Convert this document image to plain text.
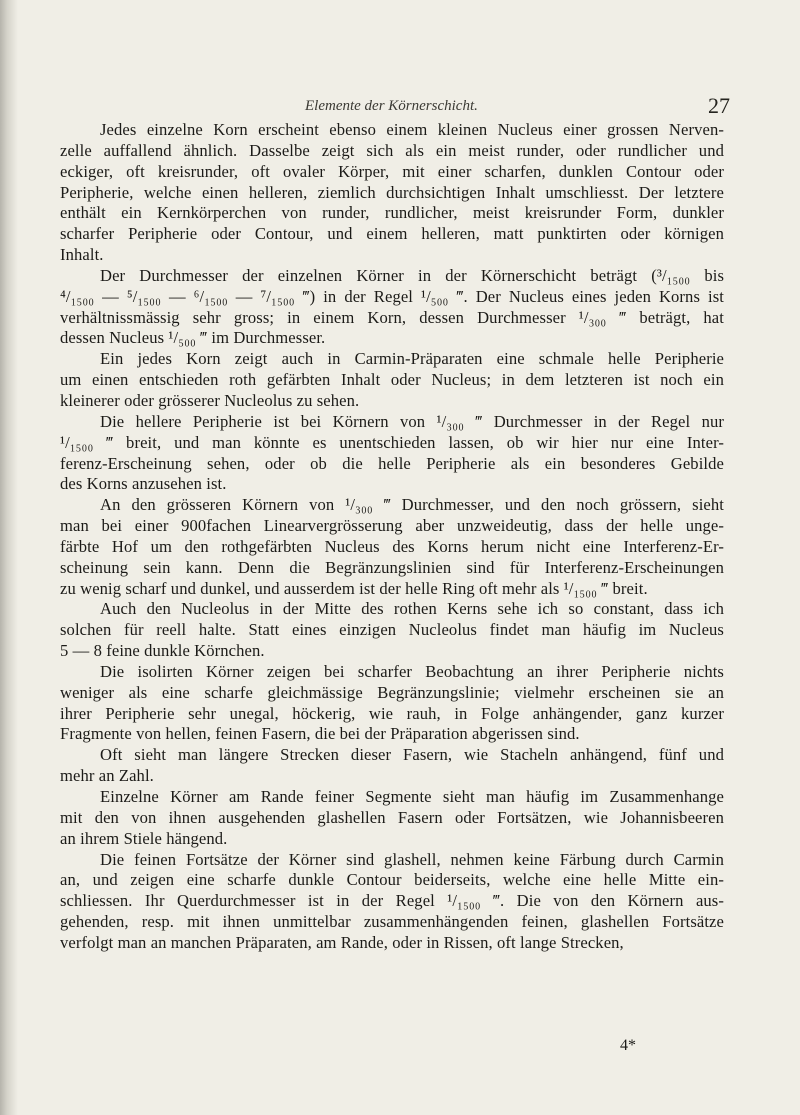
Elemente der Körnerschicht.	27
Jedes einzelne Korn erscheint ebenso einem kleinen Nucleus einer grossen Nerven-
zelle auffallend ähnlich. Dasselbe zeigt sich als ein meist runder, oder rundlicher und
eckiger, oft kreisrunder, oft ovaler Körper, mit einer scharfen, dunklen Contour oder
Peripherie, welche einen helleren, ziemlich durchsichtigen Inhalt umschliesst. Der letztere
enthält ein Kernkörperchen von runder, rundlicher, meist kreisrunder Form, dunkler
scharfer Peripherie oder Contour, und einem helleren, matt punktirten oder körnigen
Inhalt.
Der Durchmesser der einzelnen Körner in der Körnerschicht beträgt (³/₁₅₀₀ bis
⁴/₁₅₀₀ — ⁵/₁₅₀₀ — ⁶/₁₅₀₀ — ⁷/₁₅₀₀ ‴) in der Regel ¹/₅₀₀ ‴. Der Nucleus eines jeden Korns ist
verhältnissmässig sehr gross; in einem Korn, dessen Durchmesser ¹/₃₀₀ ‴ beträgt, hat
dessen Nucleus ¹/₅₀₀ ‴ im Durchmesser.
Ein jedes Korn zeigt auch in Carmin-Präparaten eine schmale helle Peripherie
um einen entschieden roth gefärbten Inhalt oder Nucleus; in dem letzteren ist noch ein
kleinerer oder grösserer Nucleolus zu sehen.
Die hellere Peripherie ist bei Körnern von ¹/₃₀₀ ‴ Durchmesser in der Regel nur
¹/₁₅₀₀ ‴ breit, und man könnte es unentschieden lassen, ob wir hier nur eine Inter-
ferenz-Erscheinung sehen, oder ob die helle Peripherie als ein besonderes Gebilde
des Korns anzusehen ist.
An den grösseren Körnern von ¹/₃₀₀ ‴ Durchmesser, und den noch grössern, sieht
man bei einer 900fachen Linearvergrösserung aber unzweideutig, dass der helle unge-
färbte Hof um den rothgefärbten Nucleus des Korns herum nicht eine Interferenz-Er-
scheinung sein kann. Denn die Begränzungslinien sind für Interferenz-Erscheinungen
zu wenig scharf und dunkel, und ausserdem ist der helle Ring oft mehr als ¹/₁₅₀₀ ‴ breit.
Auch den Nucleolus in der Mitte des rothen Kerns sehe ich so constant, dass ich
solchen für reell halte. Statt eines einzigen Nucleolus findet man häufig im Nucleus
5 — 8 feine dunkle Körnchen.
Die isolirten Körner zeigen bei scharfer Beobachtung an ihrer Peripherie nichts
weniger als eine scharfe gleichmässige Begränzungslinie; vielmehr erscheinen sie an
ihrer Peripherie sehr unegal, höckerig, wie rauh, in Folge anhängender, ganz kurzer
Fragmente von hellen, feinen Fasern, die bei der Präparation abgerissen sind.
Oft sieht man längere Strecken dieser Fasern, wie Stacheln anhängend, fünf und
mehr an Zahl.
Einzelne Körner am Rande feiner Segmente sieht man häufig im Zusammenhange
mit den von ihnen ausgehenden glashellen Fasern oder Fortsätzen, wie Johannisbeeren
an ihrem Stiele hängend.
Die feinen Fortsätze der Körner sind glashell, nehmen keine Färbung durch Carmin
an, und zeigen eine scharfe dunkle Contour beiderseits, welche eine helle Mitte ein-
schliessen. Ihr Querdurchmesser ist in der Regel ¹/₁₅₀₀ ‴. Die von den Körnern aus-
gehenden, resp. mit ihnen unmittelbar zusammenhängenden feinen, glashellen Fortsätze
verfolgt man an manchen Präparaten, am Rande, oder in Rissen, oft lange Strecken,
4*
